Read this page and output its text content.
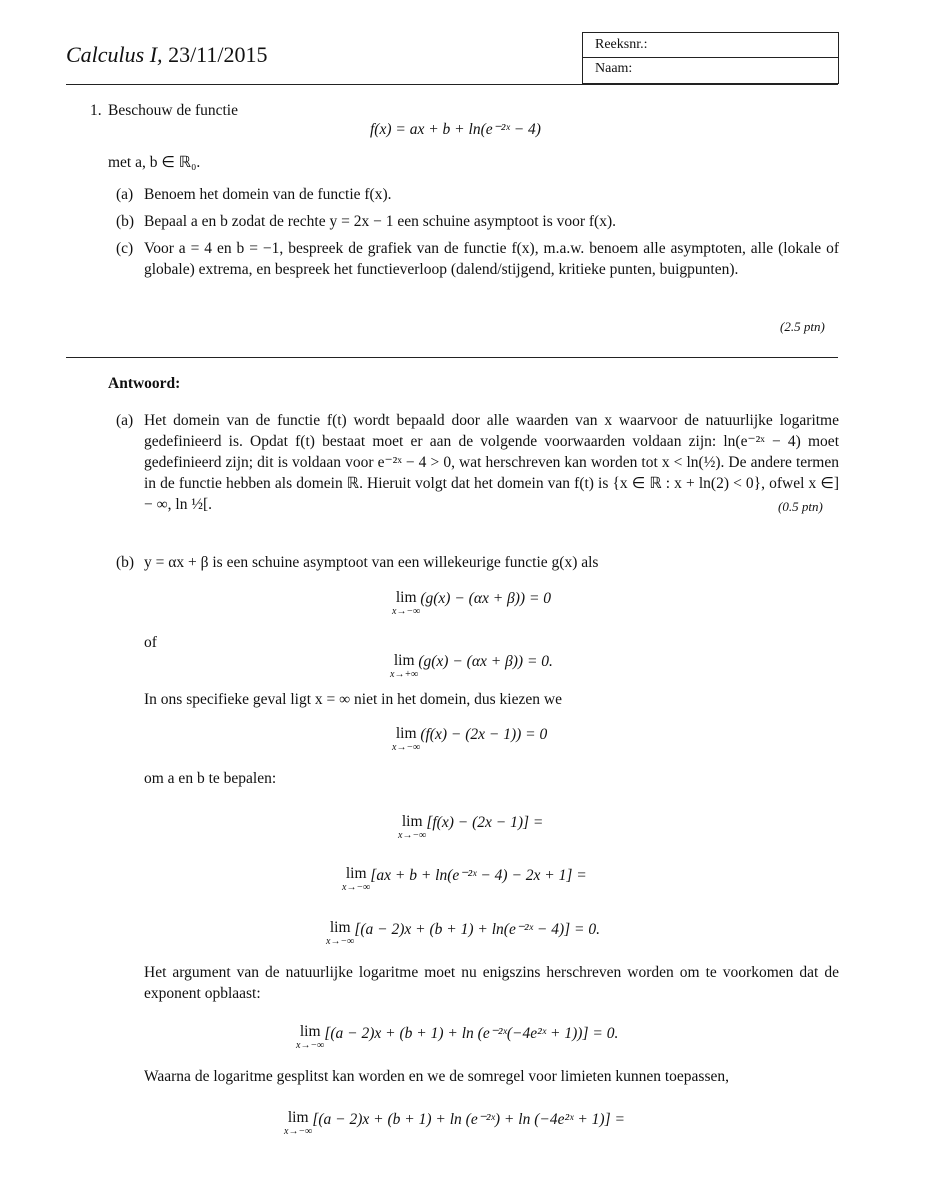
Calculus I, 23/11/2015	Reeksnr.:
Naam:
1. Beschouw de functie
f(x) = ax + b + ln(e⁻²ˣ − 4)
met a, b ∈ ℝ₀.
(a) Benoem het domein van de functie f(x).
(b) Bepaal a en b zodat de rechte y = 2x − 1 een schuine asymptoot is voor f(x).
(c) Voor a = 4 en b = −1, bespreek de grafiek van de functie f(x), m.a.w. benoem alle asymptoten, alle (lokale of globale) extrema, en bespreek het functieverloop (dalend/stijgend, kritieke punten, buigpunten).
(2.5 ptn)
Antwoord:
(a) Het domein van de functie f(t) wordt bepaald door alle waarden van x waarvoor de natuurlijke logaritme gedefinieerd is. Opdat f(t) bestaat moet er aan de volgende voorwaarden voldaan zijn: ln(e⁻²ˣ − 4) moet gedefinieerd zijn; dit is voldaan voor e⁻²ˣ − 4 > 0, wat herschreven kan worden tot x < ln(½). De andere termen in de functie hebben als domein ℝ. Hieruit volgt dat het domein van f(t) is {x ∈ ℝ : x + ln(2) < 0}, ofwel x ∈] − ∞, ln ½[.	(0.5 ptn)
(b) y = αx + β is een schuine asymptoot van een willekeurige functie g(x) als
lim
x→−∞
(g(x) − (αx + β)) = 0
of
lim
x→+∞
(g(x) − (αx + β)) = 0.
In ons specifieke geval ligt x = ∞ niet in het domein, dus kiezen we
lim
x→−∞
(f(x) − (2x − 1)) = 0
om a en b te bepalen:
lim
x→−∞
[f(x) − (2x − 1)] =
lim
x→−∞
[ax + b + ln(e⁻²ˣ − 4) − 2x + 1] =
lim
x→−∞
[(a − 2)x + (b + 1) + ln(e⁻²ˣ − 4)] = 0.
Het argument van de natuurlijke logaritme moet nu enigszins herschreven worden om te voorkomen dat de exponent opblaast:
lim
x→−∞
[(a − 2)x + (b + 1) + ln (e⁻²ˣ(−4e²ˣ + 1))] = 0.
Waarna de logaritme gesplitst kan worden en we de somregel voor limieten kunnen toepassen,
lim
x→−∞
[(a − 2)x + (b + 1) + ln (e⁻²ˣ) + ln (−4e²ˣ + 1)] =
